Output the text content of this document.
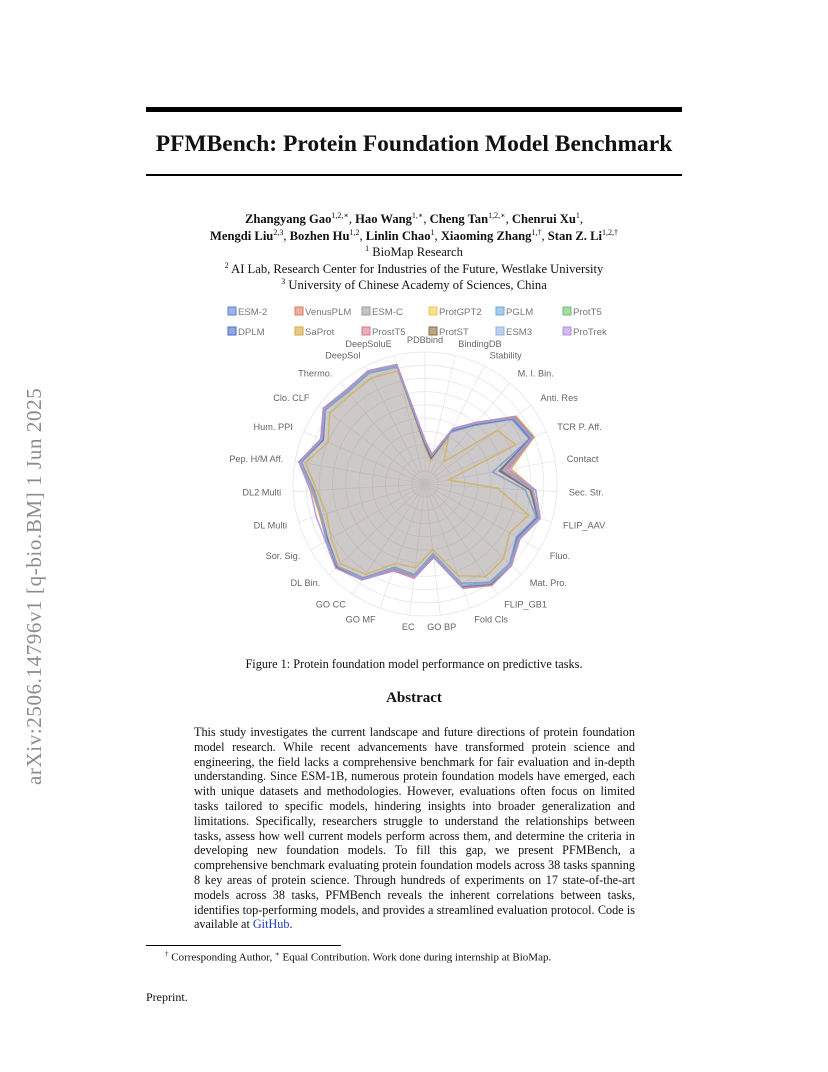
arXiv:2506.14796v1 [q-bio.BM] 1 Jun 2025
PFMBench: Protein Foundation Model Benchmark
Zhangyang Gao$^{1,2,∗}$, Hao Wang$^{1,∗}$, Cheng Tan$^{1,2,∗}$, Chenrui Xu$^1$,
Mengdi Liu$^{2,3}$, Bozhen Hu$^{1,2}$, Linlin Chao$^1$, Xiaoming Zhang$^{1,\dagger}$, Stan Z. $Li^{1,2,\dagger}$
$^1$ BioMap Research
$^2$ AI Lab, Research Center for Industries of the Future, Westlake University
$^3$ University of Chinese Academy of Sciences, China
PDBbind BindingDB
Stability
M. I. Bin.
Anti. Res
TCR P. Aff.
Contact
Sec. Str.
FLIP_AAV
Fluo.
Mat. Pro.
FLIP_GB1
Fold Cls
GO BP
EC
GO MF
GO CC
DL Bin.
Sor. Sig.
DL Multi
DL2 Multi
Pep. H/M Aff.
Hum. PPI
Clo. CLF
Thermo.
DeepSol
DeepSoluE
ESM-2	VenusPLM ESM-C	ProtGPT2	PGLM	ProtT5
DPLM	SaProt	ProstT5	ProtST	ESM3	ProTrek
Figure 1: Protein foundation model performance on predictive tasks.
Abstract

This study investigates the current landscape and future directions of protein foundation model research. While recent advancements have transformed protein science and engineering, the field lacks a comprehensive benchmark for fair evaluation and in-depth understanding. Since ESM-1B, numerous protein foundation models have emerged, each with unique datasets and methodologies. However, evaluations often focus on limited tasks tailored to specific models, hindering insights into broader generalization and limitations. Specifically, researchers struggle to understand the relationships between tasks, assess how well current models perform across them, and determine the criteria in developing new foundation models. To fill this gap, we present PFMBench, a comprehensive benchmark evaluating protein foundation models across 38 tasks spanning 8 key areas of protein science. Through hundreds of experiments on 17 state-of-the-art models across 38 tasks, PFMBench reveals the inherent correlations between tasks, identifies top-performing models, and provides a streamlined evaluation protocol. Code is available at GitHub.

† Corresponding Author, ∗ Equal Contribution. Work done during internship at BioMap.
Preprint.
